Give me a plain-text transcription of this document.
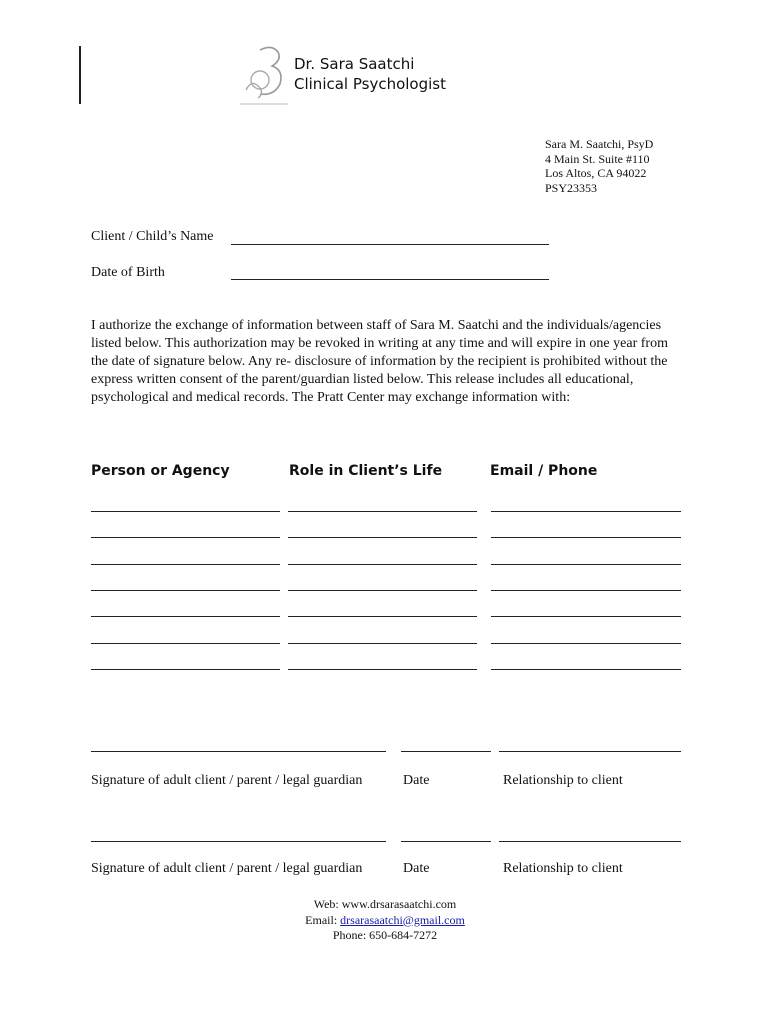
Dr. Sara Saatchi
Clinical Psychologist
Sara M. Saatchi, PsyD
4 Main St. Suite #110
Los Altos, CA 94022
PSY23353
Client / Child’s Name
Date of Birth
I authorize the exchange of information between staff of Sara M. Saatchi and the individuals/agencies listed below. This authorization may be revoked in writing at any time and will expire in one year from the date of signature below. Any re- disclosure of information by the recipient is prohibited without the express written consent of the parent/guardian listed below. This release includes all educational, psychological and medical records. The Pratt Center may exchange information with:
Person or Agency	Role in Client’s Life	Email / Phone
Signature of adult client / parent / legal guardian	Date	Relationship to client
Signature of adult client / parent / legal guardian	Date	Relationship to client
Web: www.drsarasaatchi.com
Email: drsarasaatchi@gmail.com
Phone: 650-684-7272
